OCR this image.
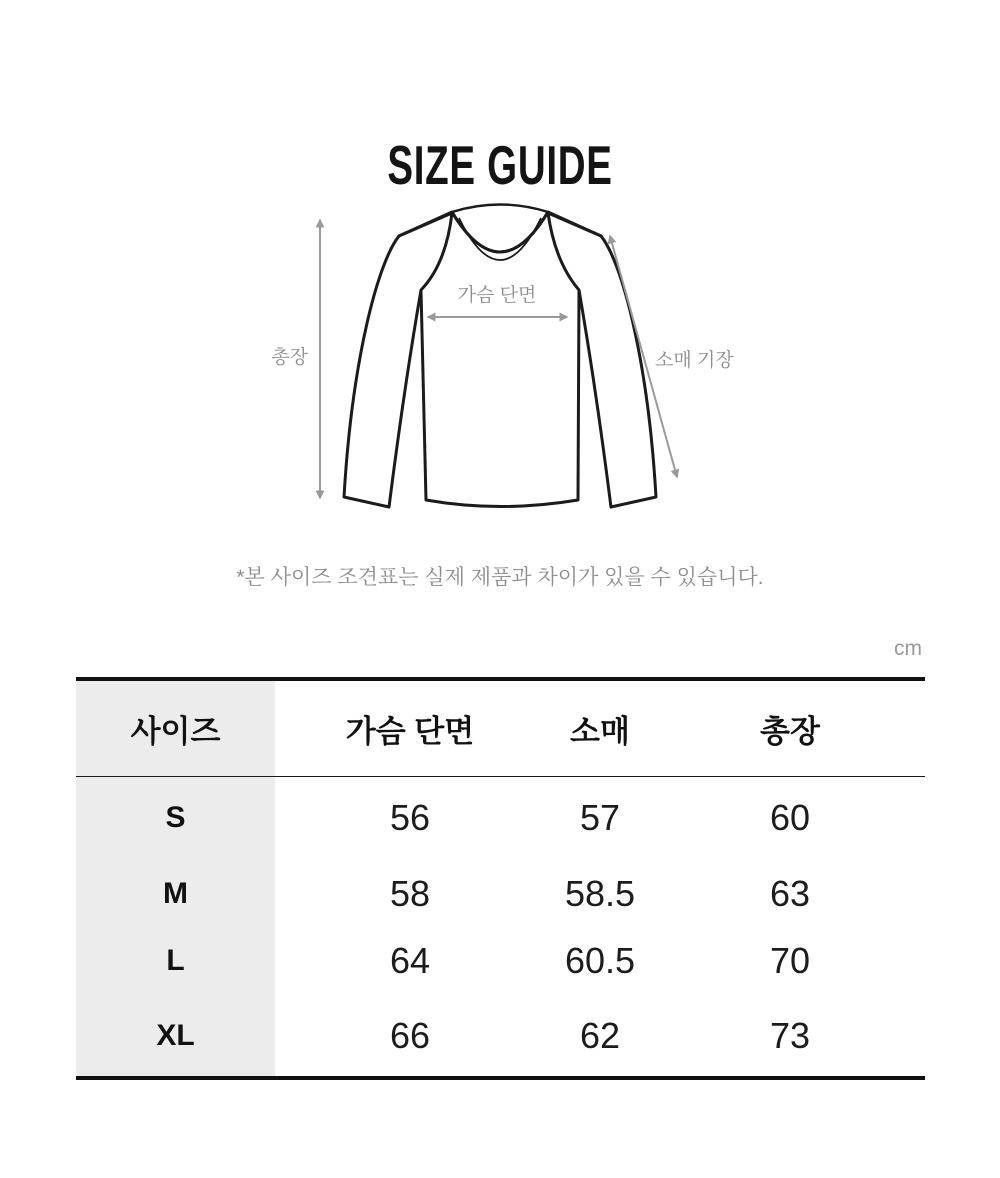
SIZE GUIDE
총장
가슴 단면
소매 기장

*본 사이즈 조견표는 실제 제품과 차이가 있을 수 있습니다.

cm
사이즈	가슴 단면	소매	총장
S	56	57	60
M	58	58.5	63
L	64	60.5	70
XL	66	62	73
